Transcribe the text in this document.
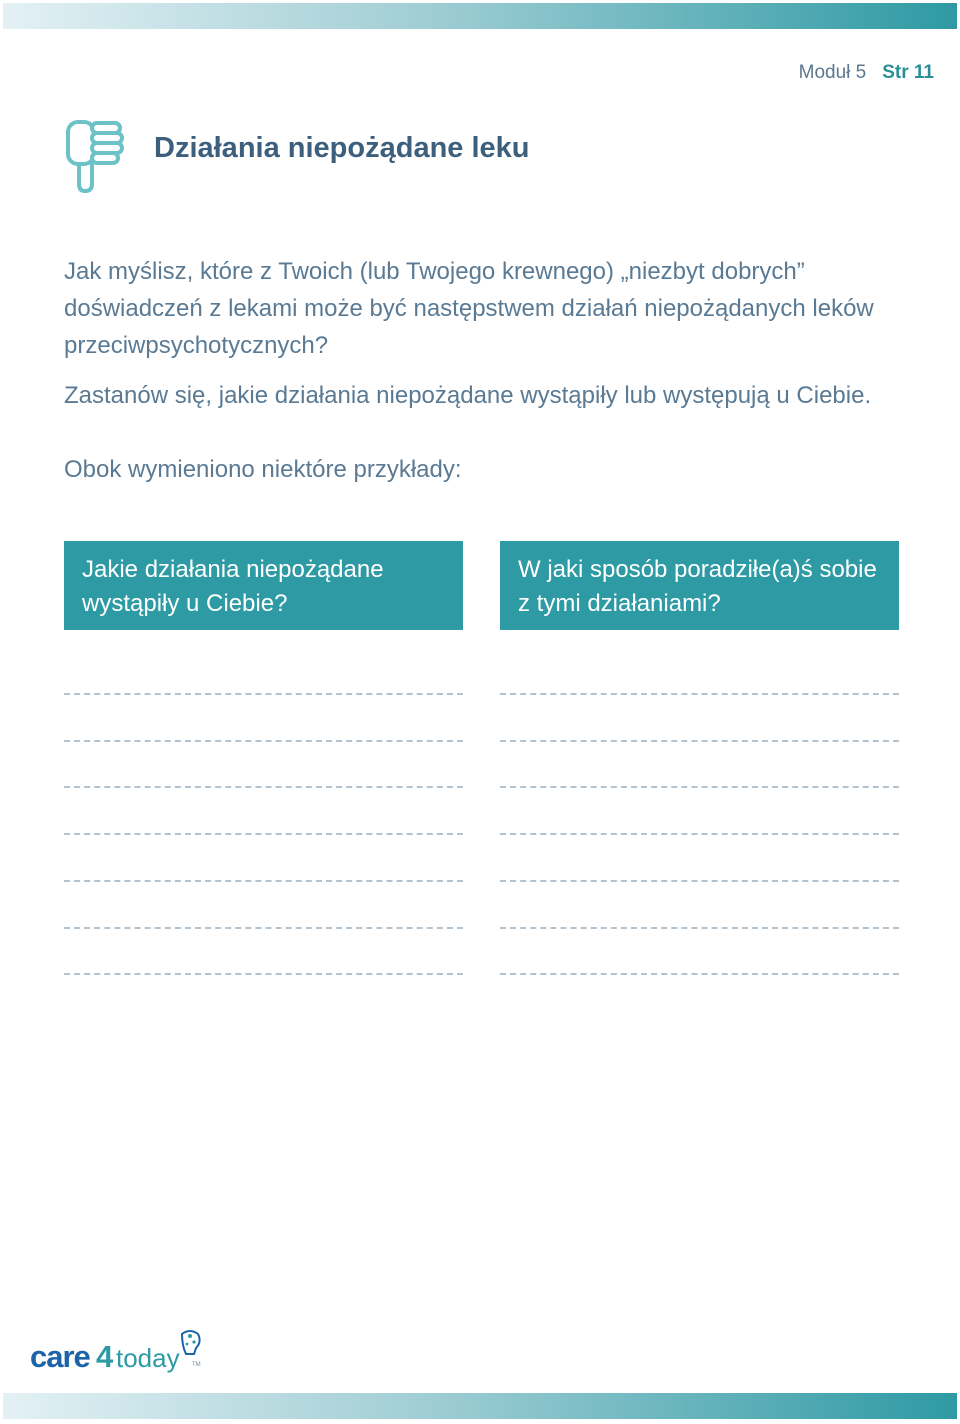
Moduł 5 Str 11
Działania niepożądane leku

Jak myślisz, które z Twoich (lub Twojego krewnego) „niezbyt dobrych” doświadczeń z lekami może być następstwem działań niepożądanych leków przeciwpsychotycznych?

Zastanów się, jakie działania niepożądane wystąpiły lub występują u Ciebie.

Obok wymieniono niektóre przykłady:

Jakie działania niepożądane wystąpiły u Ciebie?
W jaki sposób poradziłe(a)ś sobie z tymi działaniami?
care 4 today TM
